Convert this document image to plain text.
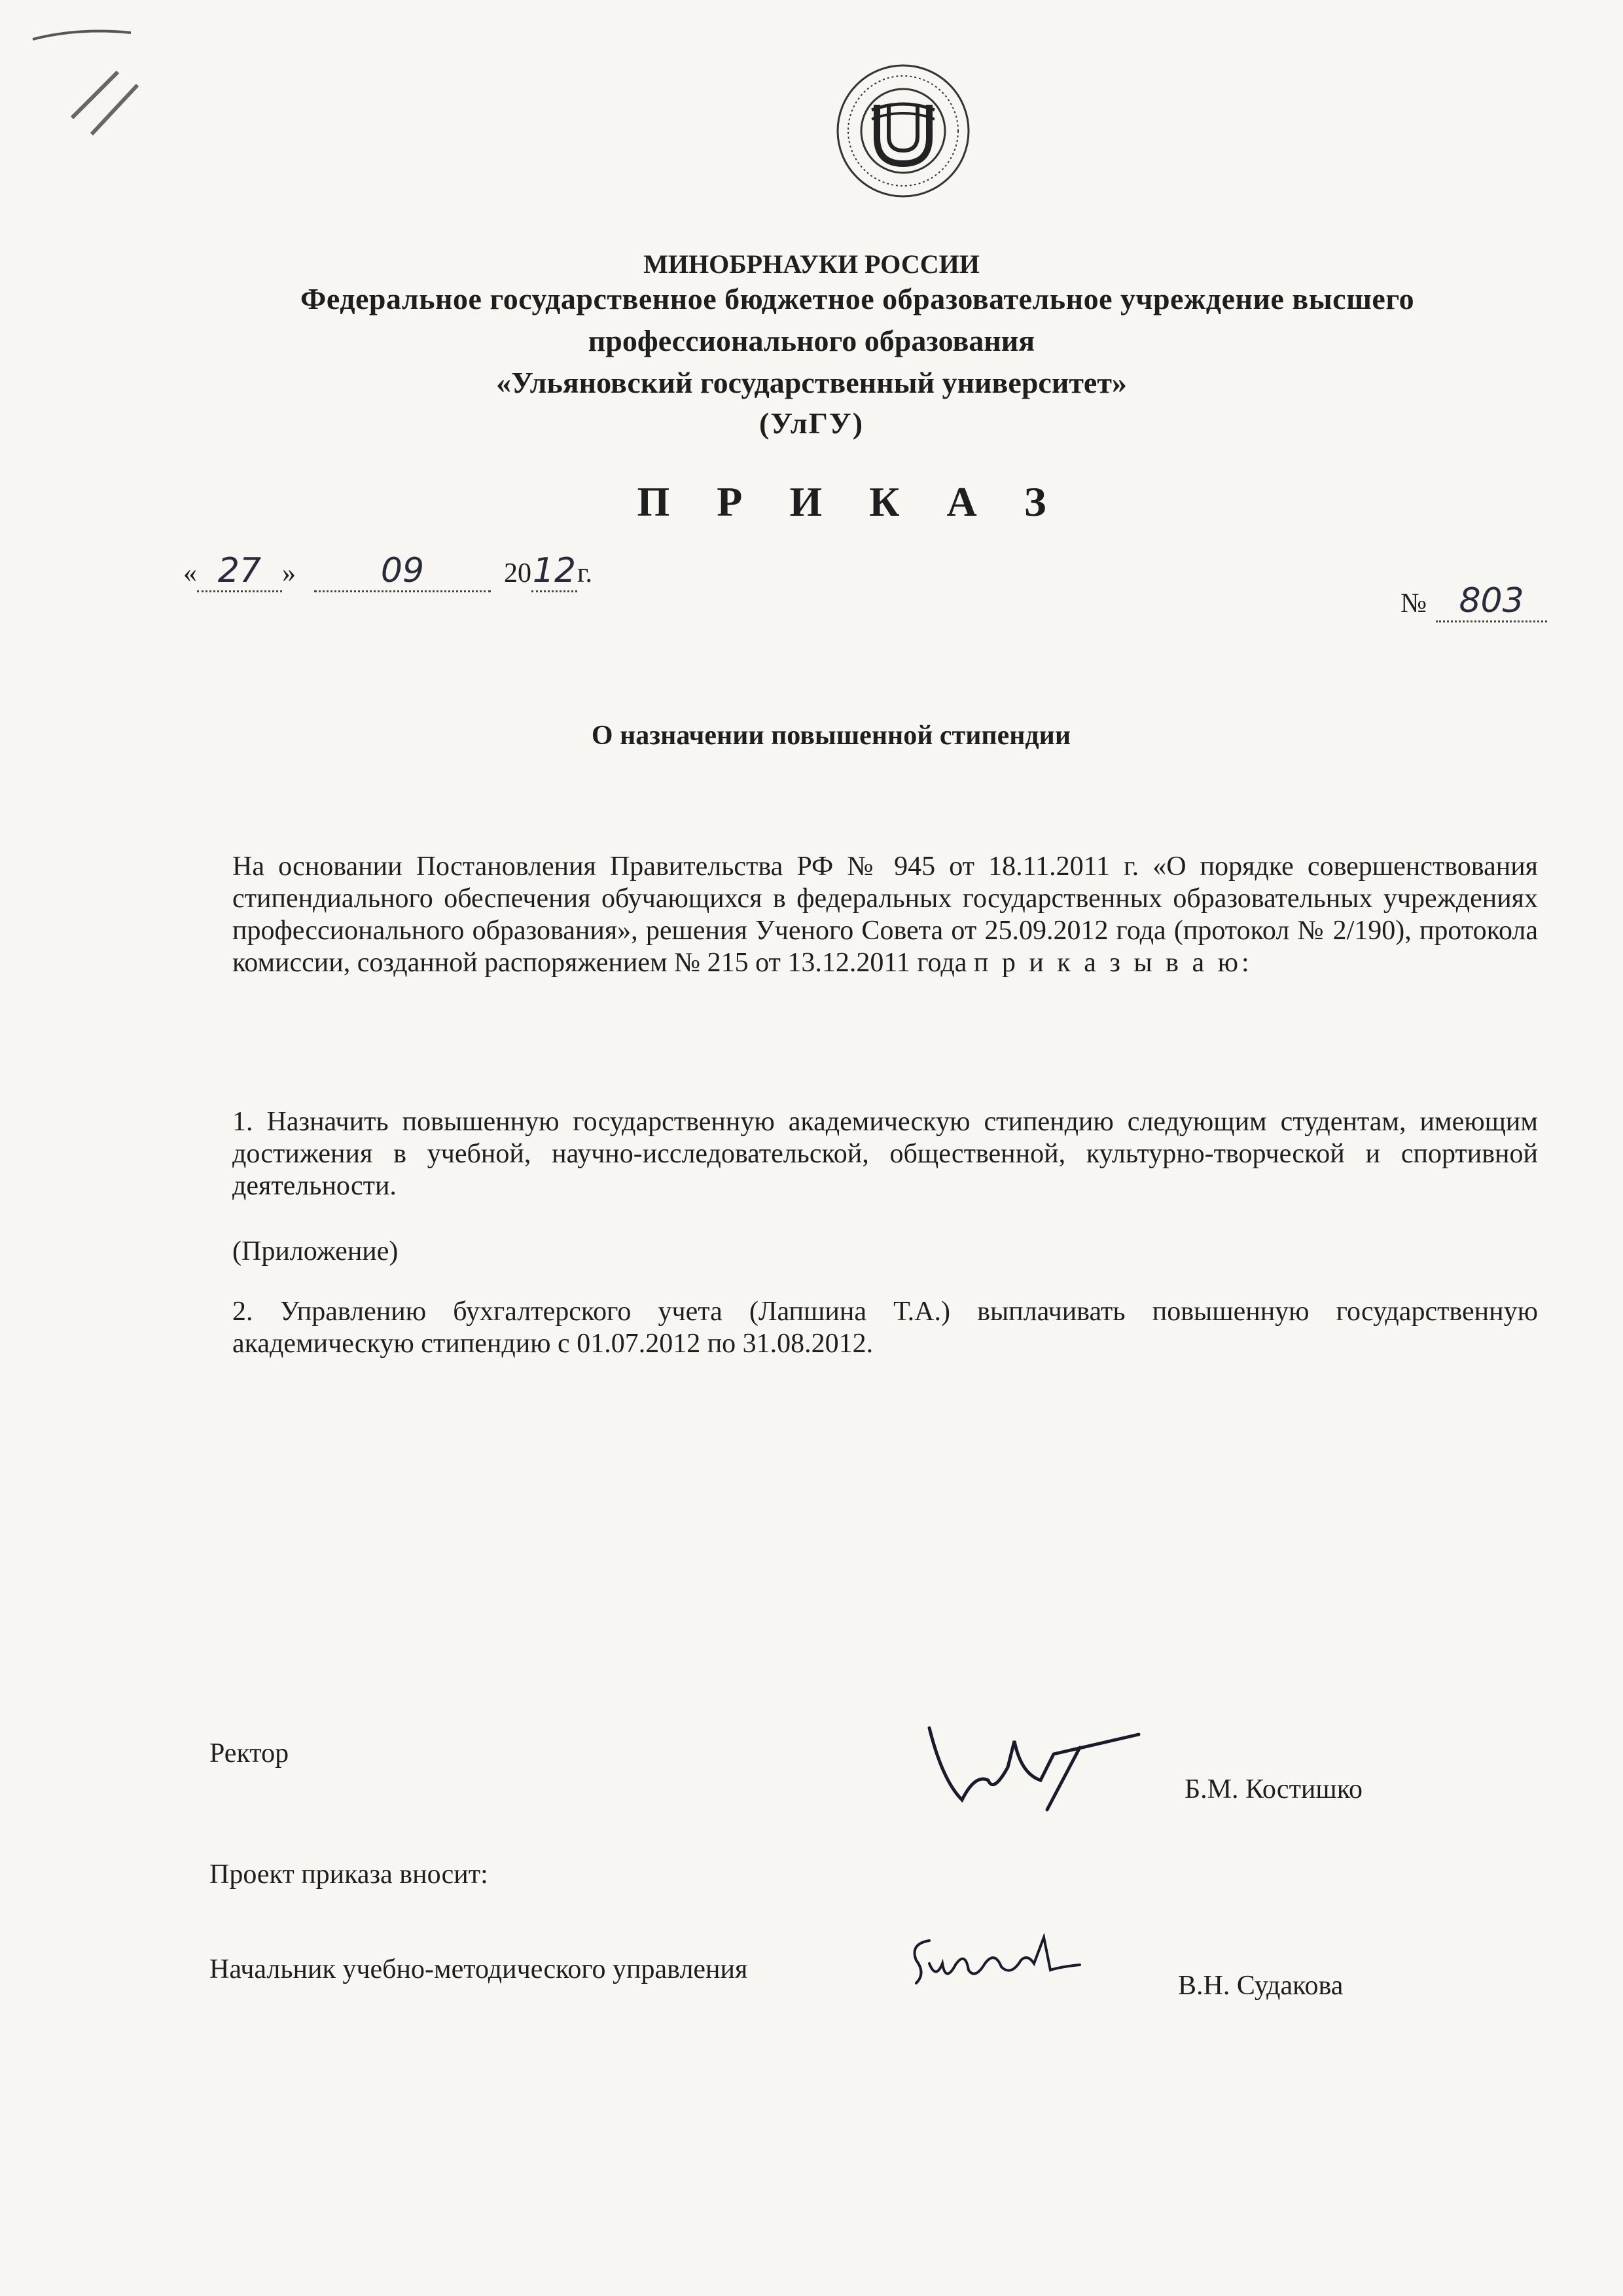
МИНОБРНАУКИ РОССИИ
Федеральное государственное бюджетное образовательное учреждение высшего
профессионального образования
«Ульяновский государственный университет»
(УлГУ)
П Р И К А З
« 27 » 09	2012г.
№ 803
О назначении повышенной стипендии
На основании Постановления Правительства РФ № 945 от 18.11.2011 г. «О порядке совершенствования стипендиального обеспечения обучающихся в федеральных государственных образовательных учреждениях профессионального образования», решения Ученого Совета от 25.09.2012 года (протокол № 2/190), протокола комиссии, созданной распоряжением № 215 от 13.12.2011 года п р и к а з ы в а ю:
1. Назначить повышенную государственную академическую стипендию следующим студентам, имеющим достижения в учебной, научно-исследовательской, общественной, культурно-творческой и спортивной деятельности.
(Приложение)
2. Управлению бухгалтерского учета (Лапшина Т.А.) выплачивать повышенную государственную академическую стипендию с 01.07.2012 по 31.08.2012.
Ректор
Б.М. Костишко
Проект приказа вносит:
Начальник учебно-методического управления
В.Н. Судакова
